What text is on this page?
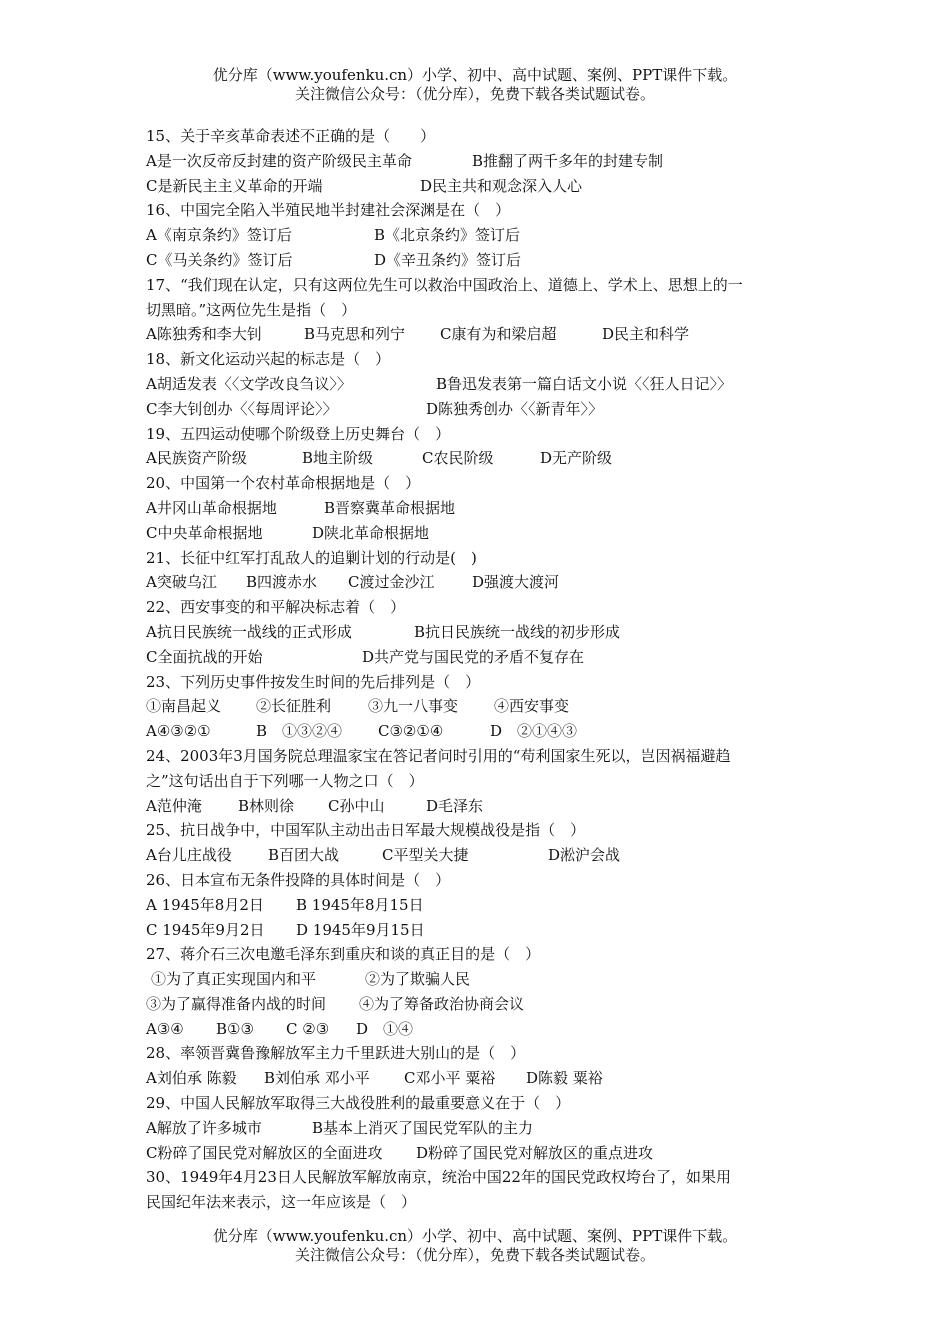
优分库（www.youfenku.cn）小学、初中、高中试题、案例、PPT课件下载。
关注微信公众号：（优分库），免费下载各类试题试卷。
15、关于辛亥革命表述不正确的是（　　）
A是一次反帝反封建的资产阶级民主革命	B推翻了两千多年的封建专制
C是新民主主义革命的开端	D民主共和观念深入人心
16、中国完全陷入半殖民地半封建社会深渊是在（　）
A《南京条约》签订后	B《北京条约》签订后
C《马关条约》签订后	D《辛丑条约》签订后
17、“我们现在认定，只有这两位先生可以救治中国政治上、道德上、学术上、思想上的一
切黑暗。”这两位先生是指（　）
A陈独秀和李大钊	B马克思和列宁 C康有为和梁启超	D民主和科学
18、新文化运动兴起的标志是（　）
A胡适发表〈〈文学改良刍议〉〉	B鲁迅发表第一篇白话文小说〈〈狂人日记〉〉
C李大钊创办〈〈每周评论〉〉	D陈独秀创办〈〈新青年〉〉
19、五四运动使哪个阶级登上历史舞台（　）
A民族资产阶级	B地主阶级	C农民阶级	D无产阶级
20、中国第一个农村革命根据地是（　）
A井冈山革命根据地	B晋察冀革命根据地
C中央革命根据地	D陕北革命根据地
21、长征中红军打乱敌人的追剿计划的行动是(　)
A突破乌江 B四渡赤水 C渡过金沙江	D强渡大渡河
22、西安事变的和平解决标志着（　）
A抗日民族统一战线的正式形成	B抗日民族统一战线的初步形成
C全面抗战的开始	D共产党与国民党的矛盾不复存在
23、下列历史事件按发生时间的先后排列是（　）
①南昌起义 ②长征胜利 ③九一八事变 ④西安事变
A④③②①	B　①③②④ C③②①④	D　②①④③
24、2003年3月国务院总理温家宝在答记者问时引用的“苟利国家生死以，岂因祸福避趋
之”这句话出自于下列哪一人物之口（　）
A范仲淹 B林则徐 C孙中山	D毛泽东
25、抗日战争中，中国军队主动出击日军最大规模战役是指（　）
A台儿庄战役 B百团大战	C平型关大捷	D淞沪会战
26、日本宣布无条件投降的具体时间是（　）
A 1945年8月2日 B 1945年8月15日
C 1945年9月2日 D 1945年9月15日
27、蒋介石三次电邀毛泽东到重庆和谈的真正目的是（　）
①为了真正实现国内和平	②为了欺骗人民
③为了赢得准备内战的时间 ④为了筹备政治协商会议
A③④ B①③ C ②③ D　①④
28、率领晋冀鲁豫解放军主力千里跃进大别山的是（　）
A刘伯承 陈毅 B刘伯承 邓小平 C邓小平 粟裕 D陈毅 粟裕
29、中国人民解放军取得三大战役胜利的最重要意义在于（　）
A解放了许多城市	B基本上消灭了国民党军队的主力
C粉碎了国民党对解放区的全面进攻 D粉碎了国民党对解放区的重点进攻
30、1949年4月23日人民解放军解放南京，统治中国22年的国民党政权垮台了，如果用
民国纪年法来表示，这一年应该是（　）
优分库（www.youfenku.cn）小学、初中、高中试题、案例、PPT课件下载。
关注微信公众号：（优分库），免费下载各类试题试卷。
